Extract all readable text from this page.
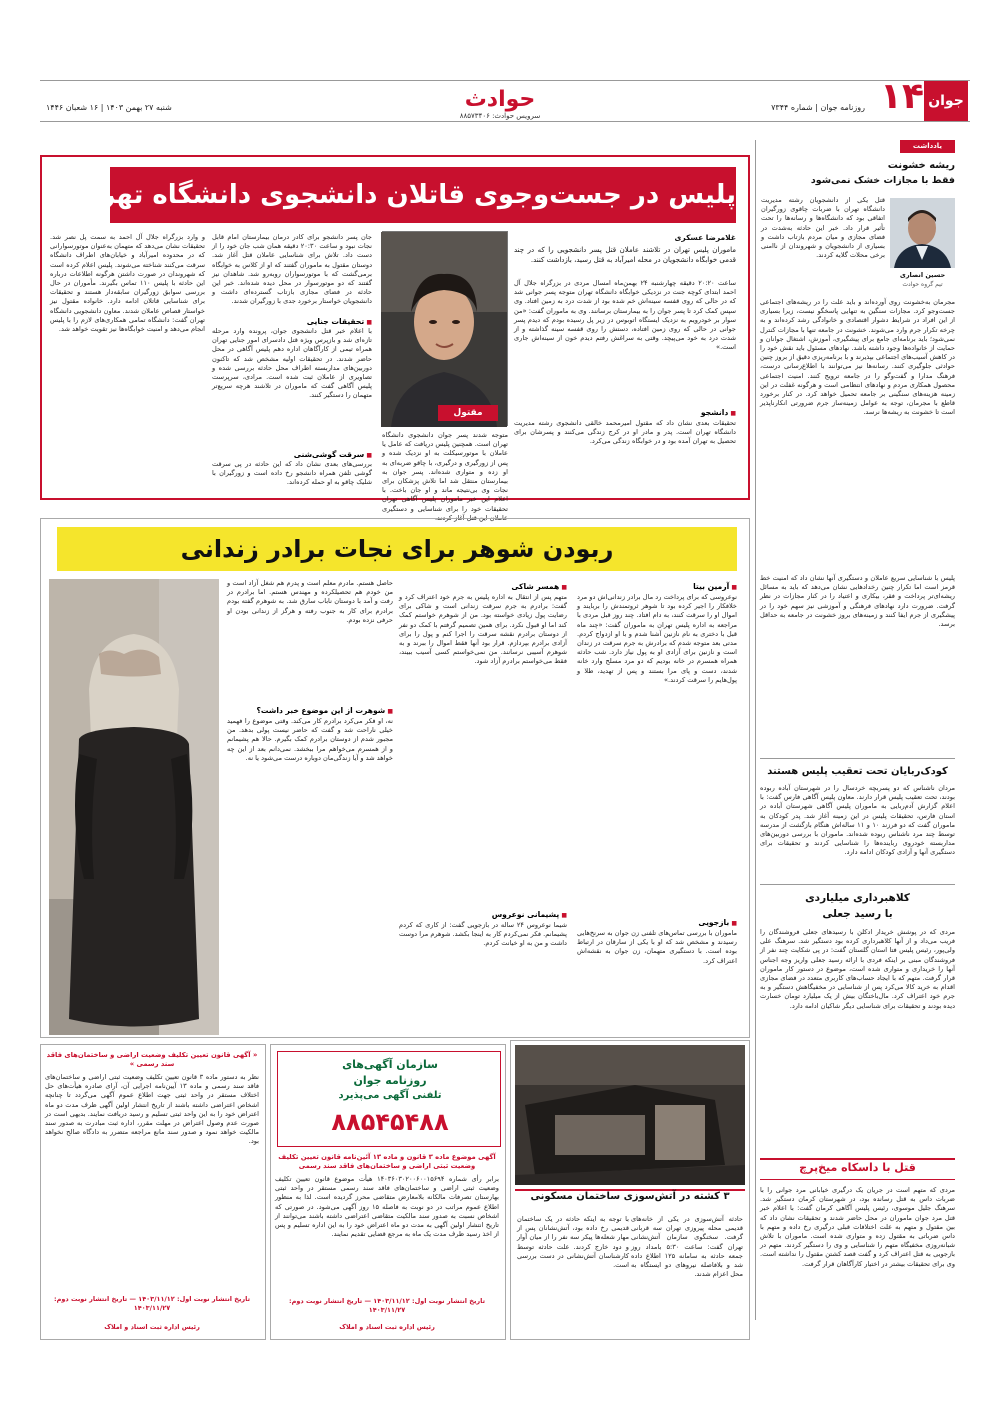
۱۴ جوان
روزنامه جوان | شماره ۷۳۴۴
شنبه ۲۷ بهمن ۱۴۰۳ | ۱۶ شعبان ۱۴۴۶	حوادث
سرویس حوادث: ۸۸۵۷۳۴۰۶
یادداشت
ریشه خشونت
فقط با مجازات خشک نمی‌شود
حسین انصاری
تیم گروه حوادث
قتل یکی از دانشجویان رشته مدیریت دانشگاه تهران با ضربات چاقوی زورگیران اتفاقی بود که دانشگاه‌ها و رسانه‌ها را تحت تأثیر قرار داد. خبر این حادثه به‌شدت در فضای مجازی و میان مردم بازتاب داشت و بسیاری از دانشجویان و شهروندان از ناامنی برخی محلات گلایه کردند.
مجرمان به‌خشونت روی آورده‌اند و باید علت را در ریشه‌های اجتماعی جست‌وجو کرد. مجازات سنگین به تنهایی پاسخگو نیست، زیرا بسیاری از این افراد در شرایط دشوار اقتصادی و خانوادگی رشد کرده‌اند و به چرخه تکرار جرم وارد می‌شوند. خشونت در جامعه تنها با مجازات کنترل نمی‌شود؛ باید برنامه‌ای جامع برای پیشگیری، آموزش، اشتغال جوانان و حمایت از خانواده‌ها وجود داشته باشد. نهادهای مسئول باید نقش خود را در کاهش آسیب‌های اجتماعی بپذیرند و با برنامه‌ریزی دقیق از بروز چنین حوادثی جلوگیری کنند. رسانه‌ها نیز می‌توانند با اطلاع‌رسانی درست، فرهنگ مدارا و گفت‌وگو را در جامعه ترویج کنند. امنیت اجتماعی محصول همکاری مردم و نهادهای انتظامی است و هرگونه غفلت در این زمینه هزینه‌های سنگینی بر جامعه تحمیل خواهد کرد. در کنار برخورد قاطع با مجرمان، توجه به عوامل زمینه‌ساز جرم ضرورتی انکارناپذیر است تا خشونت به ریشه‌ها نرسد.
پلیس با شناسایی سریع عاملان و دستگیری آنها نشان داد که امنیت خط قرمز است اما تکرار چنین رخدادهایی نشان می‌دهد که باید به مسائل ریشه‌ای‌تر پرداخت و فقر، بیکاری و اعتیاد را در کنار مجازات در نظر گرفت. ضرورت دارد نهادهای فرهنگی و آموزشی نیز سهم خود را در پیشگیری از جرم ایفا کنند و زمینه‌های بروز خشونت در جامعه به حداقل برسد.
کودک‌ربایان تحت تعقیب پلیس هستند
مردان ناشناس که دو پسربچه خردسال را در شهرستان آباده ربوده بودند، تحت تعقیب پلیس قرار دارند. معاون پلیس آگاهی فارس گفت: با اعلام گزارش آدم‌ربایی به ماموران پلیس آگاهی شهرستان آباده در استان فارس، تحقیقات پلیس در این زمینه آغاز شد. پدر کودکان به ماموران گفت که دو فرزند ۱۰ و ۱۱ ساله‌اش هنگام بازگشت از مدرسه توسط چند مرد ناشناس ربوده شده‌اند. ماموران با بررسی دوربین‌های مداربسته خودروی رباینده‌ها را شناسایی کردند و تحقیقات برای دستگیری آنها و آزادی کودکان ادامه دارد.
کلاهبرداری میلیاردی
با رسید جعلی
مردی که در پوشش خریدار ادکلن با رسیدهای جعلی فروشندگان را فریب می‌داد و از آنها کلاهبرداری کرده بود دستگیر شد. سرهنگ علی ولی‌پور، رئیس پلیس فتا استان گلستان گفت: در پی شکایت چند نفر از فروشندگان مبنی بر اینکه فردی با ارائه رسید جعلی واریز وجه اجناس آنها را خریداری و متواری شده است، موضوع در دستور کار ماموران قرار گرفت. متهم که با ایجاد حساب‌های کاربری متعدد در فضای مجازی اقدام به خرید کالا می‌کرد پس از شناسایی در مخفیگاهش دستگیر و به جرم خود اعتراف کرد. مال‌باختگان بیش از یک میلیارد تومان خسارت دیده بودند و تحقیقات برای شناسایی دیگر شاکیان ادامه دارد.
قتل با داسکاه میخ‌پرچ
مردی که متهم است در جریان یک درگیری خیابانی مرد جوانی را با ضربات داس به قتل رسانده بود، در شهرستان کرمان دستگیر شد. سرهنگ جلیل موسوی، رئیس پلیس آگاهی کرمان گفت: با اعلام خبر قتل مرد جوان ماموران در محل حاضر شدند و تحقیقات نشان داد که بین مقتول و متهم به علت اختلافات قبلی درگیری رخ داده و متهم با داس ضرباتی به مقتول زده و متواری شده است. ماموران با تلاش شبانه‌روزی مخفیگاه متهم را شناسایی و وی را دستگیر کردند. متهم در بازجویی به قتل اعتراف کرد و گفت قصد کشتن مقتول را نداشته است. وی برای تحقیقات بیشتر در اختیار کارآگاهان قرار گرفت.
پلیس در جست‌وجوی قاتلان دانشجوی دانشگاه تهران
مقتول
غلامرضا عسکری
ماموران پلیس تهران در تلاشند عاملان قتل پسر دانشجویی را که در چند قدمی خوابگاه دانشجویان در محله امیرآباد به قتل رسید، بازداشت کنند.
ساعت ۲۰:۲۰ دقیقه چهارشنبه ۲۴ بهمن‌ماه امسال مردی در بزرگراه جلال آل احمد ابتدای کوچه جنت در نزدیکی خوابگاه دانشگاه تهران متوجه پسر جوانی شد که در حالی که روی قفسه سینه‌اش خم شده بود از شدت درد به زمین افتاد. وی سپس کمک کرد تا پسر جوان را به بیمارستان برسانند. وی به ماموران گفت: «من سوار بر خودرویم به نزدیک ایستگاه اتوبوس در زیر پل رسیده بودم که دیدم پسر جوانی در حالی که روی زمین افتاده، دستش را روی قفسه سینه گذاشته و از شدت درد به خود می‌پیچد. وقتی به سراغش رفتم دیدم خون از سینه‌اش جاری است.»
■ دانشجو
تحقیقات بعدی نشان داد که مقتول امیرمحمد خالقی دانشجوی رشته مدیریت دانشگاه تهران است. پدر و مادر او در کرج زندگی می‌کنند و پسرشان برای تحصیل به تهران آمده بود و در خوابگاه زندگی می‌کرد.
متوجه شدند پسر جوان دانشجوی دانشگاه تهران است. همچنین پلیس دریافت که عامل یا عاملان با موتورسیکلت به او نزدیک شده و پس از زورگیری و درگیری، با چاقو ضربه‌ای به او زده و متواری شده‌اند. پسر جوان به بیمارستان منتقل شد اما تلاش پزشکان برای نجات وی بی‌نتیجه ماند و او جان باخت. با اعلام این خبر ماموران پلیس آگاهی تهران تحقیقات خود را برای شناسایی و دستگیری عاملان این قتل آغاز کردند.
جان پسر دانشجو برای کادر درمان بیمارستان امام قابل نجات نبود و ساعت ۲۰:۳۰ دقیقه همان شب جان خود را از دست داد. تلاش برای شناسایی عاملان قتل آغاز شد. دوستان مقتول به ماموران گفتند که او از کلاس به خوابگاه برمی‌گشت که با موتورسواران روبه‌رو شد. شاهدان نیز گفتند که دو موتورسوار در محل دیده شده‌اند. خبر این حادثه در فضای مجازی بازتاب گسترده‌ای داشت و دانشجویان خواستار برخورد جدی با زورگیران شدند.
■ تحقیقات جنایی
با اعلام خبر قتل دانشجوی جوان، پرونده وارد مرحله تازه‌ای شد و بازپرس ویژه قتل دادسرای امور جنایی تهران همراه تیمی از کارآگاهان اداره دهم پلیس آگاهی در محل حاضر شدند. در تحقیقات اولیه مشخص شد که تاکنون دوربین‌های مداربسته اطراف محل حادثه بررسی شده و تصاویری از عاملان ثبت شده است. مرادی، سرپرست پلیس آگاهی گفت که ماموران در تلاشند هرچه سریع‌تر متهمان را دستگیر کنند.
■ سرقت گوشی‌شنی
بررسی‌های بعدی نشان داد که این حادثه در پی سرقت گوشی تلفن همراه دانشجو رخ داده است و زورگیران با شلیک چاقو به او حمله کرده‌اند.
و وارد بزرگراه جلال آل احمد به سمت پل نصر شد. تحقیقات نشان می‌دهد که متهمان به‌عنوان موتورسوارانی که در محدوده امیرآباد و خیابان‌های اطراف دانشگاه سرقت می‌کنند شناخته می‌شوند. پلیس اعلام کرده است که شهروندان در صورت داشتن هرگونه اطلاعات درباره این حادثه با پلیس ۱۱۰ تماس بگیرند. مأموران در حال بررسی سوابق زورگیران سابقه‌دار هستند و تحقیقات برای شناسایی قاتلان ادامه دارد. خانواده مقتول نیز خواستار قصاص عاملان شدند. معاون دانشجویی دانشگاه تهران گفت: دانشگاه تمامی همکاری‌های لازم را با پلیس انجام می‌دهد و امنیت خوابگاه‌ها نیز تقویت خواهد شد.
ربودن شوهر برای نجات برادر زندانی
■ آرمین بیتا
نوعروسی که برای پرداخت رد مال برادر زندانی‌اش دو مرد خلافکار را اجیر کرده بود تا شوهر ثروتمندش را بربایند و اموال او را سرقت کنند، به دام افتاد. چند روز قبل مردی با مراجعه به اداره پلیس تهران به ماموران گفت: «چند ماه قبل با دختری به نام نازنین آشنا شدم و با او ازدواج کردم. مدتی بعد متوجه شدم که برادرش به جرم سرقت در زندان است و نازنین برای آزادی او به پول نیاز دارد. شب حادثه همراه همسرم در خانه بودیم که دو مرد مسلح وارد خانه شدند، دست و پای مرا بستند و پس از تهدید، طلا و پول‌هایم را سرقت کردند.»
■ بازجویی
ماموران با بررسی تماس‌های تلفنی زن جوان به سرنخ‌هایی رسیدند و مشخص شد که او با یکی از سارقان در ارتباط بوده است. با دستگیری متهمان، زن جوان به نقشه‌اش اعتراف کرد.
■ همسر شاکی
متهم پس از انتقال به اداره پلیس به جرم خود اعتراف کرد و گفت: برادرم به جرم سرقت زندانی است و شاکی برای رضایت پول زیادی خواسته بود. من از شوهرم خواستم کمک کند اما او قبول نکرد. برای همین تصمیم گرفتم با کمک دو نفر از دوستان برادرم نقشه سرقت را اجرا کنم و پول را برای آزادی برادرم بپردازم. قرار بود آنها فقط اموال را ببرند و به شوهرم آسیبی نرسانند. من نمی‌خواستم کسی آسیب ببیند، فقط می‌خواستم برادرم آزاد شود.
■ پشیمانی نوعروس
شیما نوعروس ۲۴ ساله در بازجویی گفت: از کاری که کردم پشیمانم. فکر نمی‌کردم کار به اینجا بکشد. شوهرم مرا دوست داشت و من به او خیانت کردم.
حاصل هستم. مادرم معلم است و پدرم هم شغل آزاد است و من خودم هم تحصیلکرده و مهندس هستم. اما برادرم در رفت و آمد با دوستان ناباب سارق شد. به شوهرم گفته بودم برادرم برای کار به جنوب رفته و هرگز از زندانی بودن او حرفی نزده بودم.
■ شوهرت از این موضوع خبر داشت؟
نه، او فکر می‌کرد برادرم کار می‌کند. وقتی موضوع را فهمید خیلی ناراحت شد و گفت که حاضر نیست پولی بدهد. من مجبور شدم از دوستان برادرم کمک بگیرم. حالا هم پشیمانم و از همسرم می‌خواهم مرا ببخشد. نمی‌دانم بعد از این چه خواهد شد و آیا زندگی‌مان دوباره درست می‌شود یا نه.
۳ کشته در آتش‌سوزی ساختمان مسکونی
حادثه آتش‌سوزی در یکی از خانه‌های قدیمی محله پیروزی تهران سه قربانی گرفت. سخنگوی سازمان آتش‌نشانی تهران گفت: ساعت ۵:۳۰ بامداد روز جمعه حادثه به سامانه ۱۲۵ اطلاع داده شد و بلافاصله نیروهای دو ایستگاه به محل اعزام شدند.
با توجه به اینکه حادثه در یک ساختمان قدیمی رخ داده بود، آتش‌نشانان پس از مهار شعله‌ها پیکر سه نفر را از میان آوار و دود خارج کردند. علت حادثه توسط کارشناسان آتش‌نشانی در دست بررسی است.
سازمان آگهی‌های
روزنامه جوان
تلفنی آگهی می‌پذیرد
۸۸۵۴۵۴۸۸
آگهی موضوع ماده ۳ قانون و ماده ۱۳ آئین‌نامه قانون تعیین تکلیف وضعیت ثبتی اراضی و ساختمان‌های فاقد سند رسمی
برابر رأی شماره ۱۴۰۳۶۰۳۰۲۰۰۶۰۰۱۵۶۹۴ هیأت موضوع قانون تعیین تکلیف وضعیت ثبتی اراضی و ساختمان‌های فاقد سند رسمی مستقر در واحد ثبتی بهارستان تصرفات مالکانه بلامعارض متقاضی محرز گردیده است. لذا به منظور اطلاع عموم مراتب در دو نوبت به فاصله ۱۵ روز آگهی می‌شود. در صورتی که اشخاص نسبت به صدور سند مالکیت متقاضی اعتراضی داشته باشند می‌توانند از تاریخ انتشار اولین آگهی به مدت دو ماه اعتراض خود را به این اداره تسلیم و پس از اخذ رسید ظرف مدت یک ماه به مرجع قضایی تقدیم نمایند.
تاریخ انتشار نوبت اول: ۱۴۰۳/۱۱/۱۲ — تاریخ انتشار نوبت دوم: ۱۴۰۳/۱۱/۲۷
رئیس اداره ثبت اسناد و املاک
« آگهی قانون تعیین تکلیف وضعیت اراضی و ساختمان‌های فاقد سند رسمی »
نظر به دستور ماده ۳ قانون تعیین تکلیف وضعیت ثبتی اراضی و ساختمان‌های فاقد سند رسمی و ماده ۱۳ آیین‌نامه اجرایی آن، آرای صادره هیأت‌های حل اختلاف مستقر در واحد ثبتی جهت اطلاع عموم آگهی می‌گردد تا چنانچه اشخاص اعتراضی داشته باشند از تاریخ انتشار اولین آگهی ظرف مدت دو ماه اعتراض خود را به این واحد ثبتی تسلیم و رسید دریافت نمایند. بدیهی است در صورت عدم وصول اعتراض در مهلت مقرر، اداره ثبت مبادرت به صدور سند مالکیت خواهد نمود و صدور سند مانع مراجعه متضرر به دادگاه صالح نخواهد بود.
تاریخ انتشار نوبت اول: ۱۴۰۳/۱۱/۱۲ — تاریخ انتشار نوبت دوم: ۱۴۰۳/۱۱/۲۷
رئیس اداره ثبت اسناد و املاک
